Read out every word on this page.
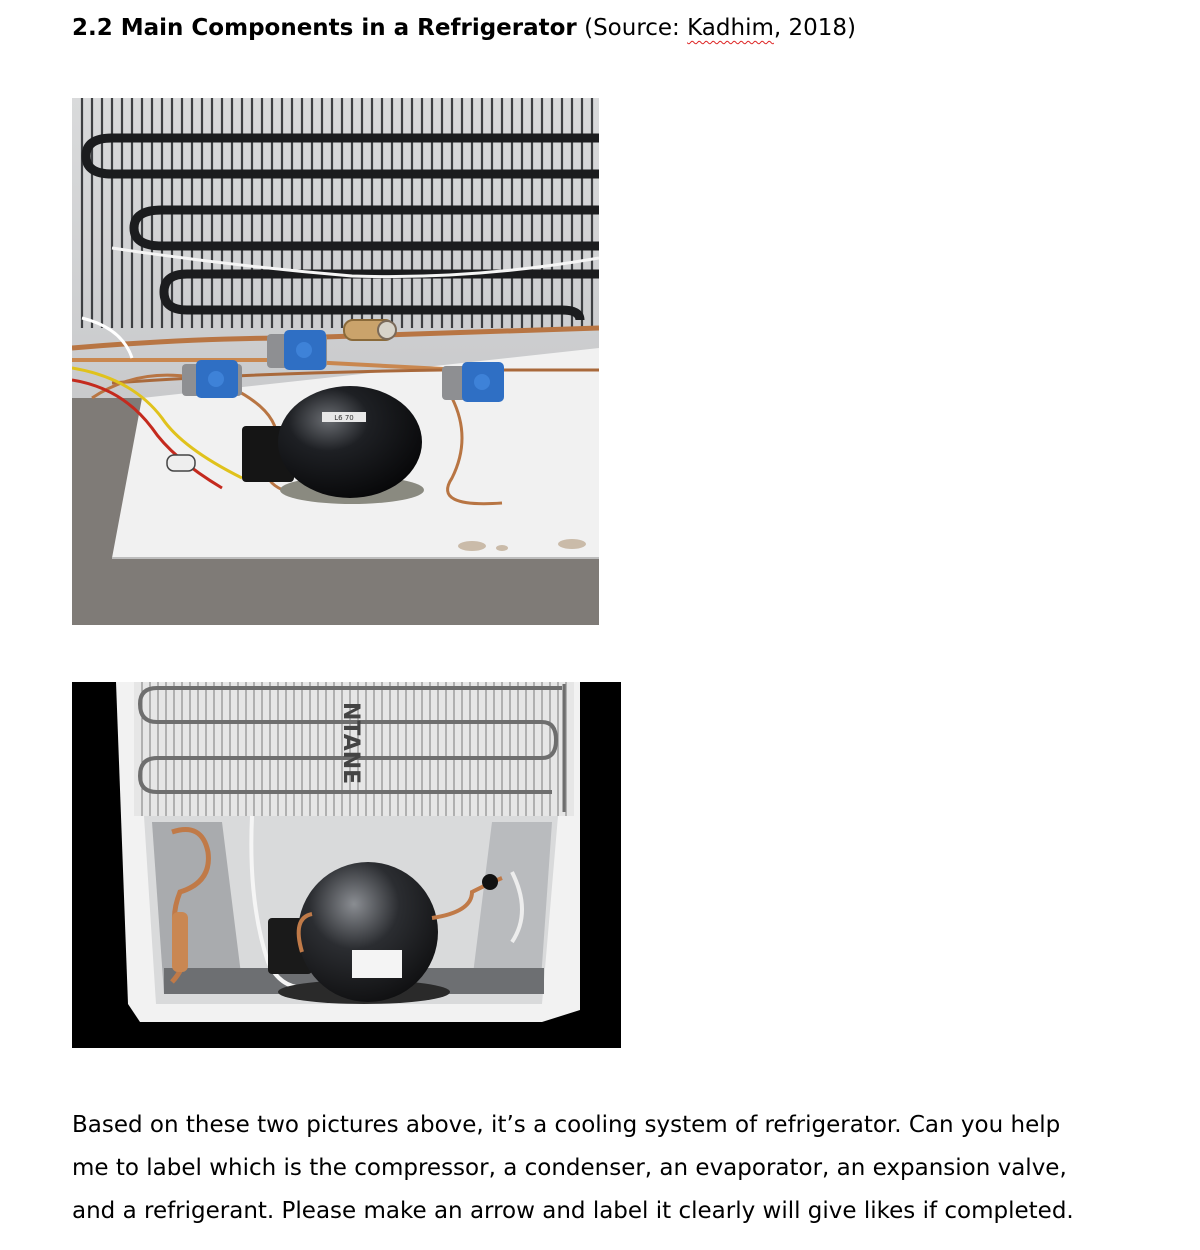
2.2 Main Components in a Refrigerator (Source: Kadhim, 2018)
L6 70
NTANE

Based on these two pictures above, it’s a cooling system of refrigerator. Can you help me to label which is the compressor, a condenser, an evaporator, an expansion valve, and a refrigerant. Please make an arrow and label it clearly will give likes if completed.
